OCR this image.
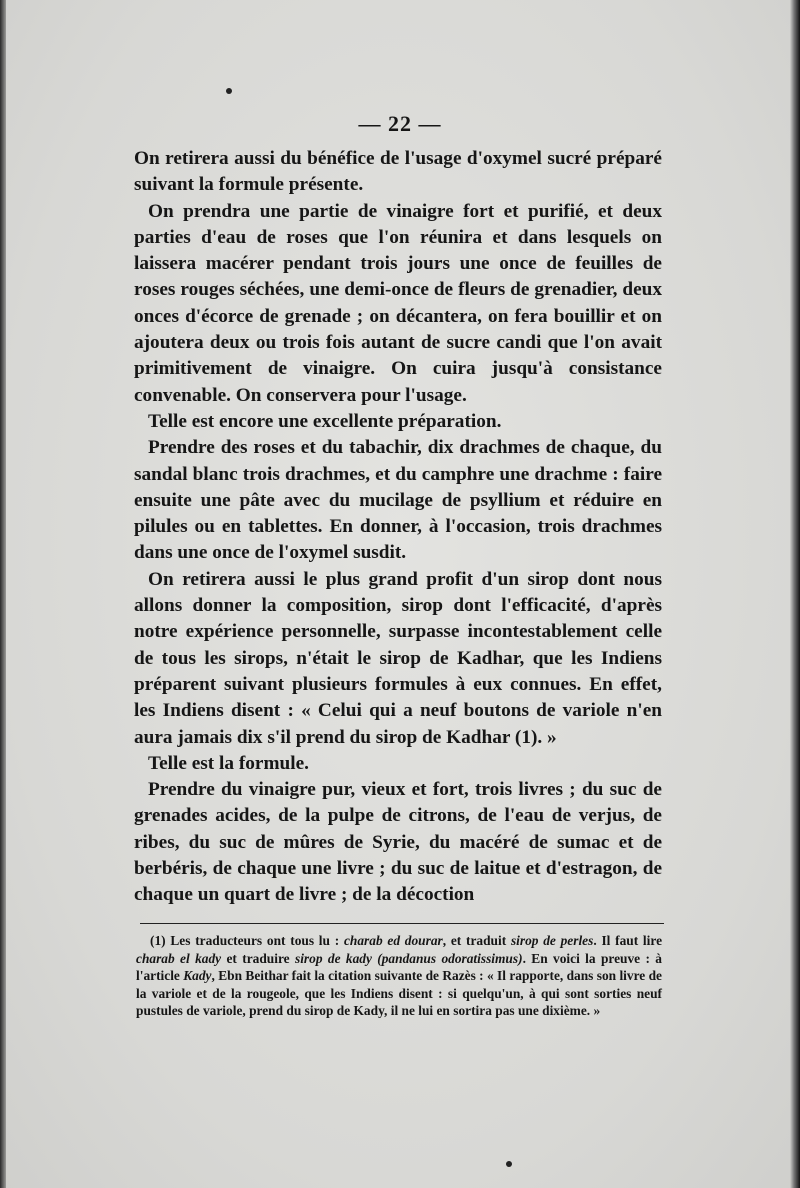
— 22 —

On retirera aussi du bénéfice de l'usage d'oxymel sucré préparé suivant la formule présente.

On prendra une partie de vinaigre fort et purifié, et deux parties d'eau de roses que l'on réunira et dans lesquels on laissera macérer pendant trois jours une once de feuilles de roses rouges séchées, une demi-once de fleurs de grenadier, deux onces d'écorce de grenade ; on décantera, on fera bouillir et on ajoutera deux ou trois fois autant de sucre candi que l'on avait primitivement de vinaigre. On cuira jusqu'à consistance convenable. On conservera pour l'usage.

Telle est encore une excellente préparation.

Prendre des roses et du tabachir, dix drachmes de chaque, du sandal blanc trois drachmes, et du camphre une drachme : faire ensuite une pâte avec du mucilage de psyllium et réduire en pilules ou en tablettes. En donner, à l'occasion, trois drachmes dans une once de l'oxymel susdit.

On retirera aussi le plus grand profit d'un sirop dont nous allons donner la composition, sirop dont l'efficacité, d'après notre expérience personnelle, surpasse incontestablement celle de tous les sirops, n'était le sirop de Kadhar, que les Indiens préparent suivant plusieurs formules à eux connues. En effet, les Indiens disent : « Celui qui a neuf boutons de variole n'en aura jamais dix s'il prend du sirop de Kadhar (1). »

Telle est la formule.

Prendre du vinaigre pur, vieux et fort, trois livres ; du suc de grenades acides, de la pulpe de citrons, de l'eau de verjus, de ribes, du suc de mûres de Syrie, du macéré de sumac et de berbéris, de chaque une livre ; du suc de laitue et d'estragon, de chaque un quart de livre ; de la décoction

(1) Les traducteurs ont tous lu : charab ed dourar, et traduit sirop de perles. Il faut lire charab el kady et traduire sirop de kady (pandanus odoratissimus). En voici la preuve : à l'article Kady, Ebn Beithar fait la citation suivante de Razès : « Il rapporte, dans son livre de la variole et de la rougeole, que les Indiens disent : si quelqu'un, à qui sont sorties neuf pustules de variole, prend du sirop de Kady, il ne lui en sortira pas une dixième. »
